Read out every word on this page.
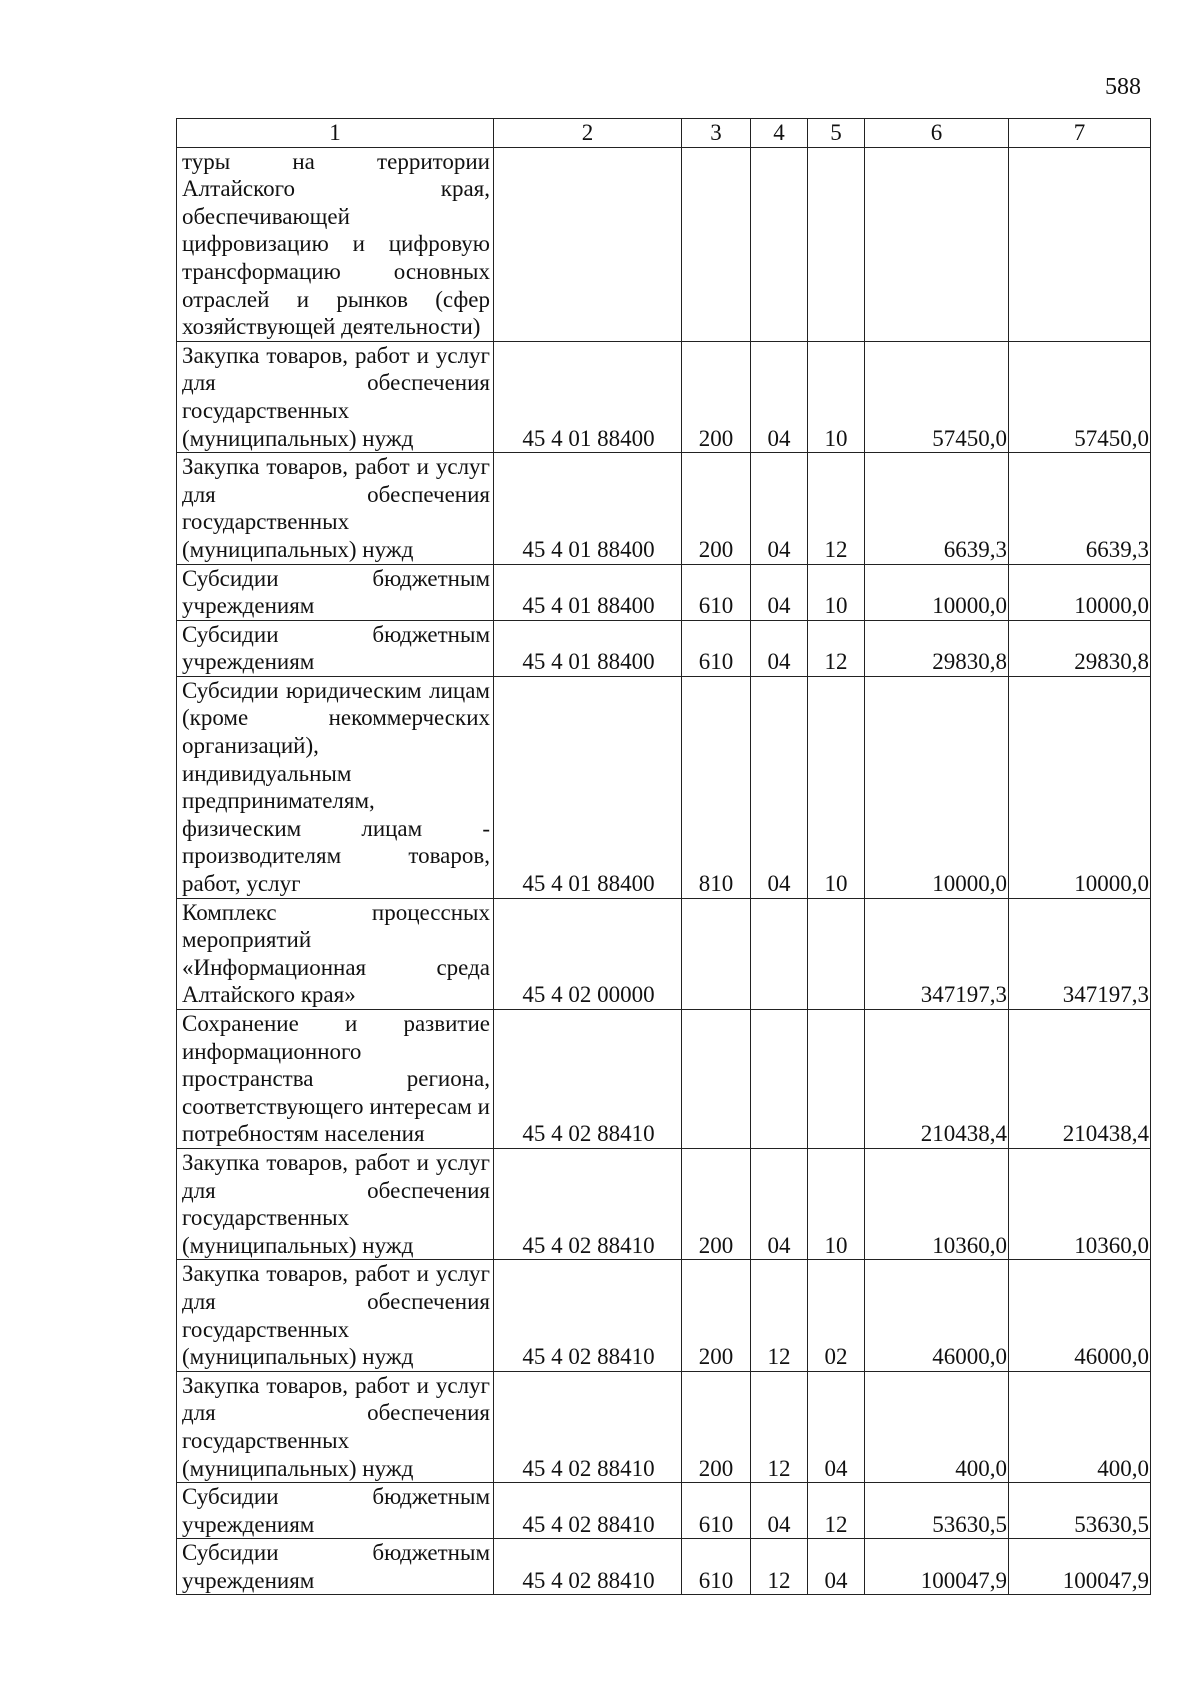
588
1	2	3	4	5	6	7
туры на территории Алтайского края, обеспечивающей цифровизацию и цифровую трансформацию основных отраслей и рынков (сфер хозяйствующей деятельности)						
Закупка товаров, работ и услуг для обеспечения государственных (муниципальных) нужд	45 4 01 88400	200	04	10	57450,0	57450,0
Закупка товаров, работ и услуг для обеспечения государственных (муниципальных) нужд	45 4 01 88400	200	04	12	6639,3	6639,3
Субсидии бюджетным учреждениям	45 4 01 88400	610	04	10	10000,0	10000,0
Субсидии бюджетным учреждениям	45 4 01 88400	610	04	12	29830,8	29830,8
Субсидии юридическим лицам (кроме некоммерческих организаций), индивидуальным предпринимателям, физическим лицам - производителям товаров, работ, услуг	45 4 01 88400	810	04	10	10000,0	10000,0
Комплекс процессных мероприятий «Информационная среда Алтайского края»	45 4 02 00000				347197,3	347197,3
Сохранение и развитие информационного пространства региона, соответствующего интересам и потребностям населения	45 4 02 88410				210438,4	210438,4
Закупка товаров, работ и услуг для обеспечения государственных (муниципальных) нужд	45 4 02 88410	200	04	10	10360,0	10360,0
Закупка товаров, работ и услуг для обеспечения государственных (муниципальных) нужд	45 4 02 88410	200	12	02	46000,0	46000,0
Закупка товаров, работ и услуг для обеспечения государственных (муниципальных) нужд	45 4 02 88410	200	12	04	400,0	400,0
Субсидии бюджетным учреждениям	45 4 02 88410	610	04	12	53630,5	53630,5
Субсидии бюджетным учреждениям	45 4 02 88410	610	12	04	100047,9	100047,9
